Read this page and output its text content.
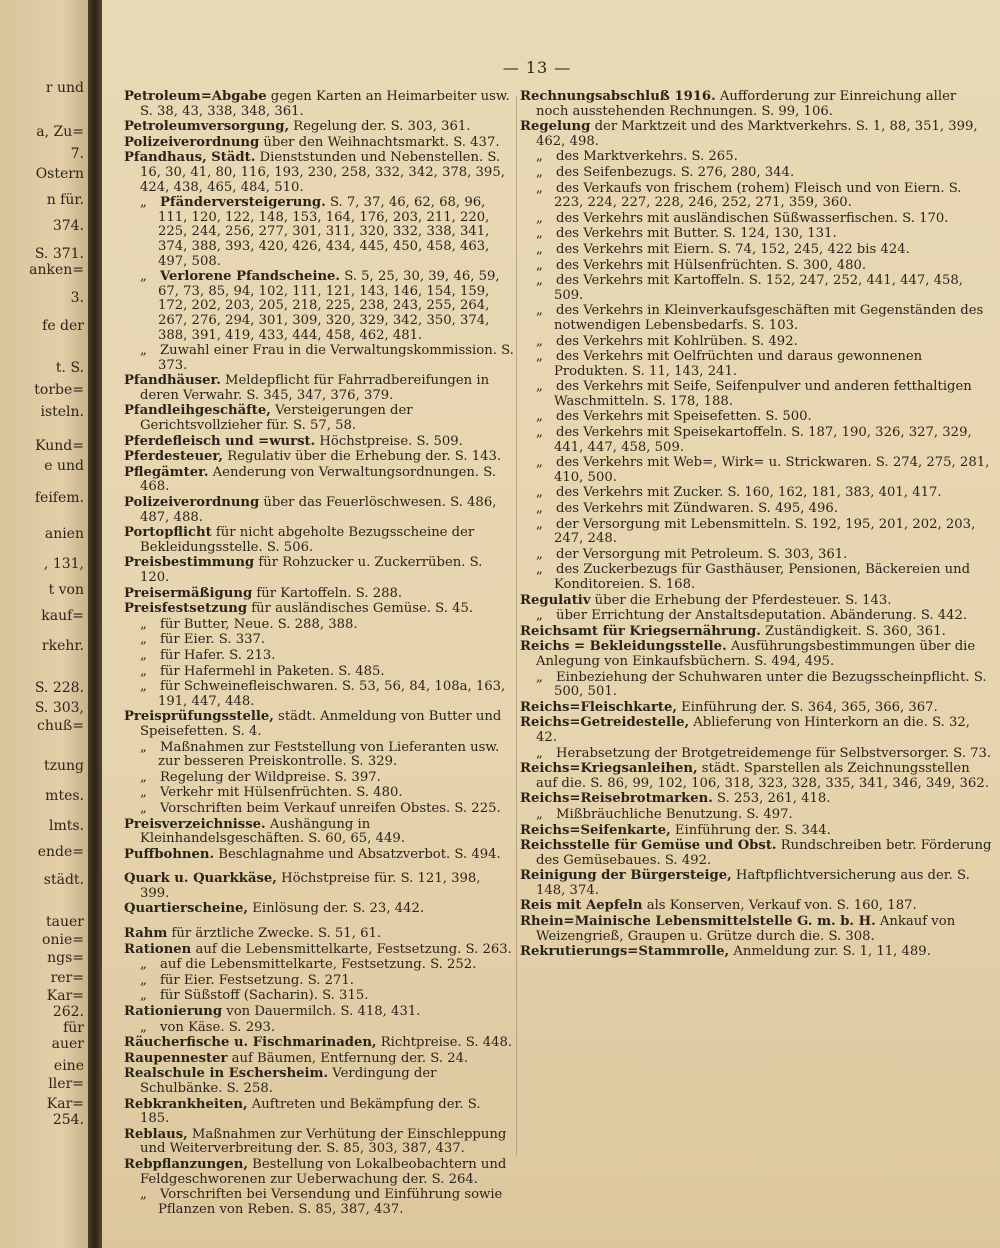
r und
a, Zu=
7.
Ostern
n für.
374.
S. 371.
anken=
3.
fe der
t. S.
torbe=
isteln.
Kund=
e und
feifem.
anien
, 131,
t von
kauf=
rkehr.
S. 228.
S. 303,
chuß=
tzung
mtes.
lmts.
ende=
städt.
tauer
onie=
ngs=
rer=
Kar=
262.
für
auer
eine
ller=
Kar=
254.
— 13 —
Petroleum=Abgabe gegen Karten an Heimarbeiter usw. S. 38, 43, 338, 348, 361.
Petroleumversorgung, Regelung der. S. 303, 361.
Polizeiverordnung über den Weihnachtsmarkt. S. 437.
Pfandhaus, Städt. Dienststunden und Nebenstellen. S. 16, 30, 41, 80, 116, 193, 230, 258, 332, 342, 378, 395, 424, 438, 465, 484, 510.
„ Pfänderversteigerung. S. 7, 37, 46, 62, 68, 96, 111, 120, 122, 148, 153, 164, 176, 203, 211, 220, 225, 244, 256, 277, 301, 311, 320, 332, 338, 341, 374, 388, 393, 420, 426, 434, 445, 450, 458, 463, 497, 508.
„ Verlorene Pfandscheine. S. 5, 25, 30, 39, 46, 59, 67, 73, 85, 94, 102, 111, 121, 143, 146, 154, 159, 172, 202, 203, 205, 218, 225, 238, 243, 255, 264, 267, 276, 294, 301, 309, 320, 329, 342, 350, 374, 388, 391, 419, 433, 444, 458, 462, 481.
„ Zuwahl einer Frau in die Verwaltungskommission. S. 373.
Pfandhäuser. Meldepflicht für Fahrradbereifungen in deren Verwahr. S. 345, 347, 376, 379.
Pfandleihgeschäfte, Versteigerungen der Gerichtsvollzieher für. S. 57, 58.
Pferdefleisch und =wurst. Höchstpreise. S. 509.
Pferdesteuer, Regulativ über die Erhebung der. S. 143.
Pflegämter. Aenderung von Verwaltungsordnungen. S. 468.
Polizeiverordnung über das Feuerlöschwesen. S. 486, 487, 488.
Portopflicht für nicht abgeholte Bezugsscheine der Bekleidungsstelle. S. 506.
Preisbestimmung für Rohzucker u. Zuckerrüben. S. 120.
Preisermäßigung für Kartoffeln. S. 288.
Preisfestsetzung für ausländisches Gemüse. S. 45.
„ für Butter, Neue. S. 288, 388.
„ für Eier. S. 337.
„ für Hafer. S. 213.
„ für Hafermehl in Paketen. S. 485.
„ für Schweinefleischwaren. S. 53, 56, 84, 108a, 163, 191, 447, 448.
Preisprüfungsstelle, städt. Anmeldung von Butter und Speisefetten. S. 4.
„ Maßnahmen zur Feststellung von Lieferanten usw. zur besseren Preiskontrolle. S. 329.
„ Regelung der Wildpreise. S. 397.
„ Verkehr mit Hülsenfrüchten. S. 480.
„ Vorschriften beim Verkauf unreifen Obstes. S. 225.
Preisverzeichnisse. Aushängung in Kleinhandelsgeschäften. S. 60, 65, 449.
Puffbohnen. Beschlagnahme und Absatzverbot. S. 494.
Quark u. Quarkkäse, Höchstpreise für. S. 121, 398, 399.
Quartierscheine, Einlösung der. S. 23, 442.
Rahm für ärztliche Zwecke. S. 51, 61.
Rationen auf die Lebensmittelkarte, Festsetzung. S. 263.
„ auf die Lebensmittelkarte, Festsetzung. S. 252.
„ für Eier. Festsetzung. S. 271.
„ für Süßstoff (Sacharin). S. 315.
Rationierung von Dauermilch. S. 418, 431.
„ von Käse. S. 293.
Räucherfische u. Fischmarinaden, Richtpreise. S. 448.
Raupennester auf Bäumen, Entfernung der. S. 24.
Realschule in Eschersheim. Verdingung der Schulbänke. S. 258.
Rebkrankheiten, Auftreten und Bekämpfung der. S. 185.
Reblaus, Maßnahmen zur Verhütung der Einschleppung und Weiterverbreitung der. S. 85, 303, 387, 437.
Rebpflanzungen, Bestellung von Lokalbeobachtern und Feldgeschworenen zur Ueberwachung der. S. 264.
„ Vorschriften bei Versendung und Einführung sowie Pflanzen von Reben. S. 85, 387, 437.
Rechnungsabschluß 1916. Aufforderung zur Einreichung aller noch ausstehenden Rechnungen. S. 99, 106.
Regelung der Marktzeit und des Marktverkehrs. S. 1, 88, 351, 399, 462, 498.
„ des Marktverkehrs. S. 265.
„ des Seifenbezugs. S. 276, 280, 344.
„ des Verkaufs von frischem (rohem) Fleisch und von Eiern. S. 223, 224, 227, 228, 246, 252, 271, 359, 360.
„ des Verkehrs mit ausländischen Süßwasserfischen. S. 170.
„ des Verkehrs mit Butter. S. 124, 130, 131.
„ des Verkehrs mit Eiern. S. 74, 152, 245, 422 bis 424.
„ des Verkehrs mit Hülsenfrüchten. S. 300, 480.
„ des Verkehrs mit Kartoffeln. S. 152, 247, 252, 441, 447, 458, 509.
„ des Verkehrs in Kleinverkaufsgeschäften mit Gegenständen des notwendigen Lebensbedarfs. S. 103.
„ des Verkehrs mit Kohlrüben. S. 492.
„ des Verkehrs mit Oelfrüchten und daraus gewonnenen Produkten. S. 11, 143, 241.
„ des Verkehrs mit Seife, Seifenpulver und anderen fetthaltigen Waschmitteln. S. 178, 188.
„ des Verkehrs mit Speisefetten. S. 500.
„ des Verkehrs mit Speisekartoffeln. S. 187, 190, 326, 327, 329, 441, 447, 458, 509.
„ des Verkehrs mit Web=, Wirk= u. Strickwaren. S. 274, 275, 281, 410, 500.
„ des Verkehrs mit Zucker. S. 160, 162, 181, 383, 401, 417.
„ des Verkehrs mit Zündwaren. S. 495, 496.
„ der Versorgung mit Lebensmitteln. S. 192, 195, 201, 202, 203, 247, 248.
„ der Versorgung mit Petroleum. S. 303, 361.
„ des Zuckerbezugs für Gasthäuser, Pensionen, Bäckereien und Konditoreien. S. 168.
Regulativ über die Erhebung der Pferdesteuer. S. 143.
„ über Errichtung der Anstaltsdeputation. Abänderung. S. 442.
Reichsamt für Kriegsernährung. Zuständigkeit. S. 360, 361.
Reichs = Bekleidungsstelle. Ausführungsbestimmungen über die Anlegung von Einkaufsbüchern. S. 494, 495.
„ Einbeziehung der Schuhwaren unter die Bezugsscheinpflicht. S. 500, 501.
Reichs=Fleischkarte, Einführung der. S. 364, 365, 366, 367.
Reichs=Getreidestelle, Ablieferung von Hinterkorn an die. S. 32, 42.
„ Herabsetzung der Brotgetreidemenge für Selbstversorger. S. 73.
Reichs=Kriegsanleihen, städt. Sparstellen als Zeichnungsstellen auf die. S. 86, 99, 102, 106, 318, 323, 328, 335, 341, 346, 349, 362.
Reichs=Reisebrotmarken. S. 253, 261, 418.
„ Mißbräuchliche Benutzung. S. 497.
Reichs=Seifenkarte, Einführung der. S. 344.
Reichsstelle für Gemüse und Obst. Rundschreiben betr. Förderung des Gemüsebaues. S. 492.
Reinigung der Bürgersteige, Haftpflichtversicherung aus der. S. 148, 374.
Reis mit Aepfeln als Konserven, Verkauf von. S. 160, 187.
Rhein=Mainische Lebensmittelstelle G. m. b. H. Ankauf von Weizengrieß, Graupen u. Grütze durch die. S. 308.
Rekrutierungs=Stammrolle, Anmeldung zur. S. 1, 11, 489.
